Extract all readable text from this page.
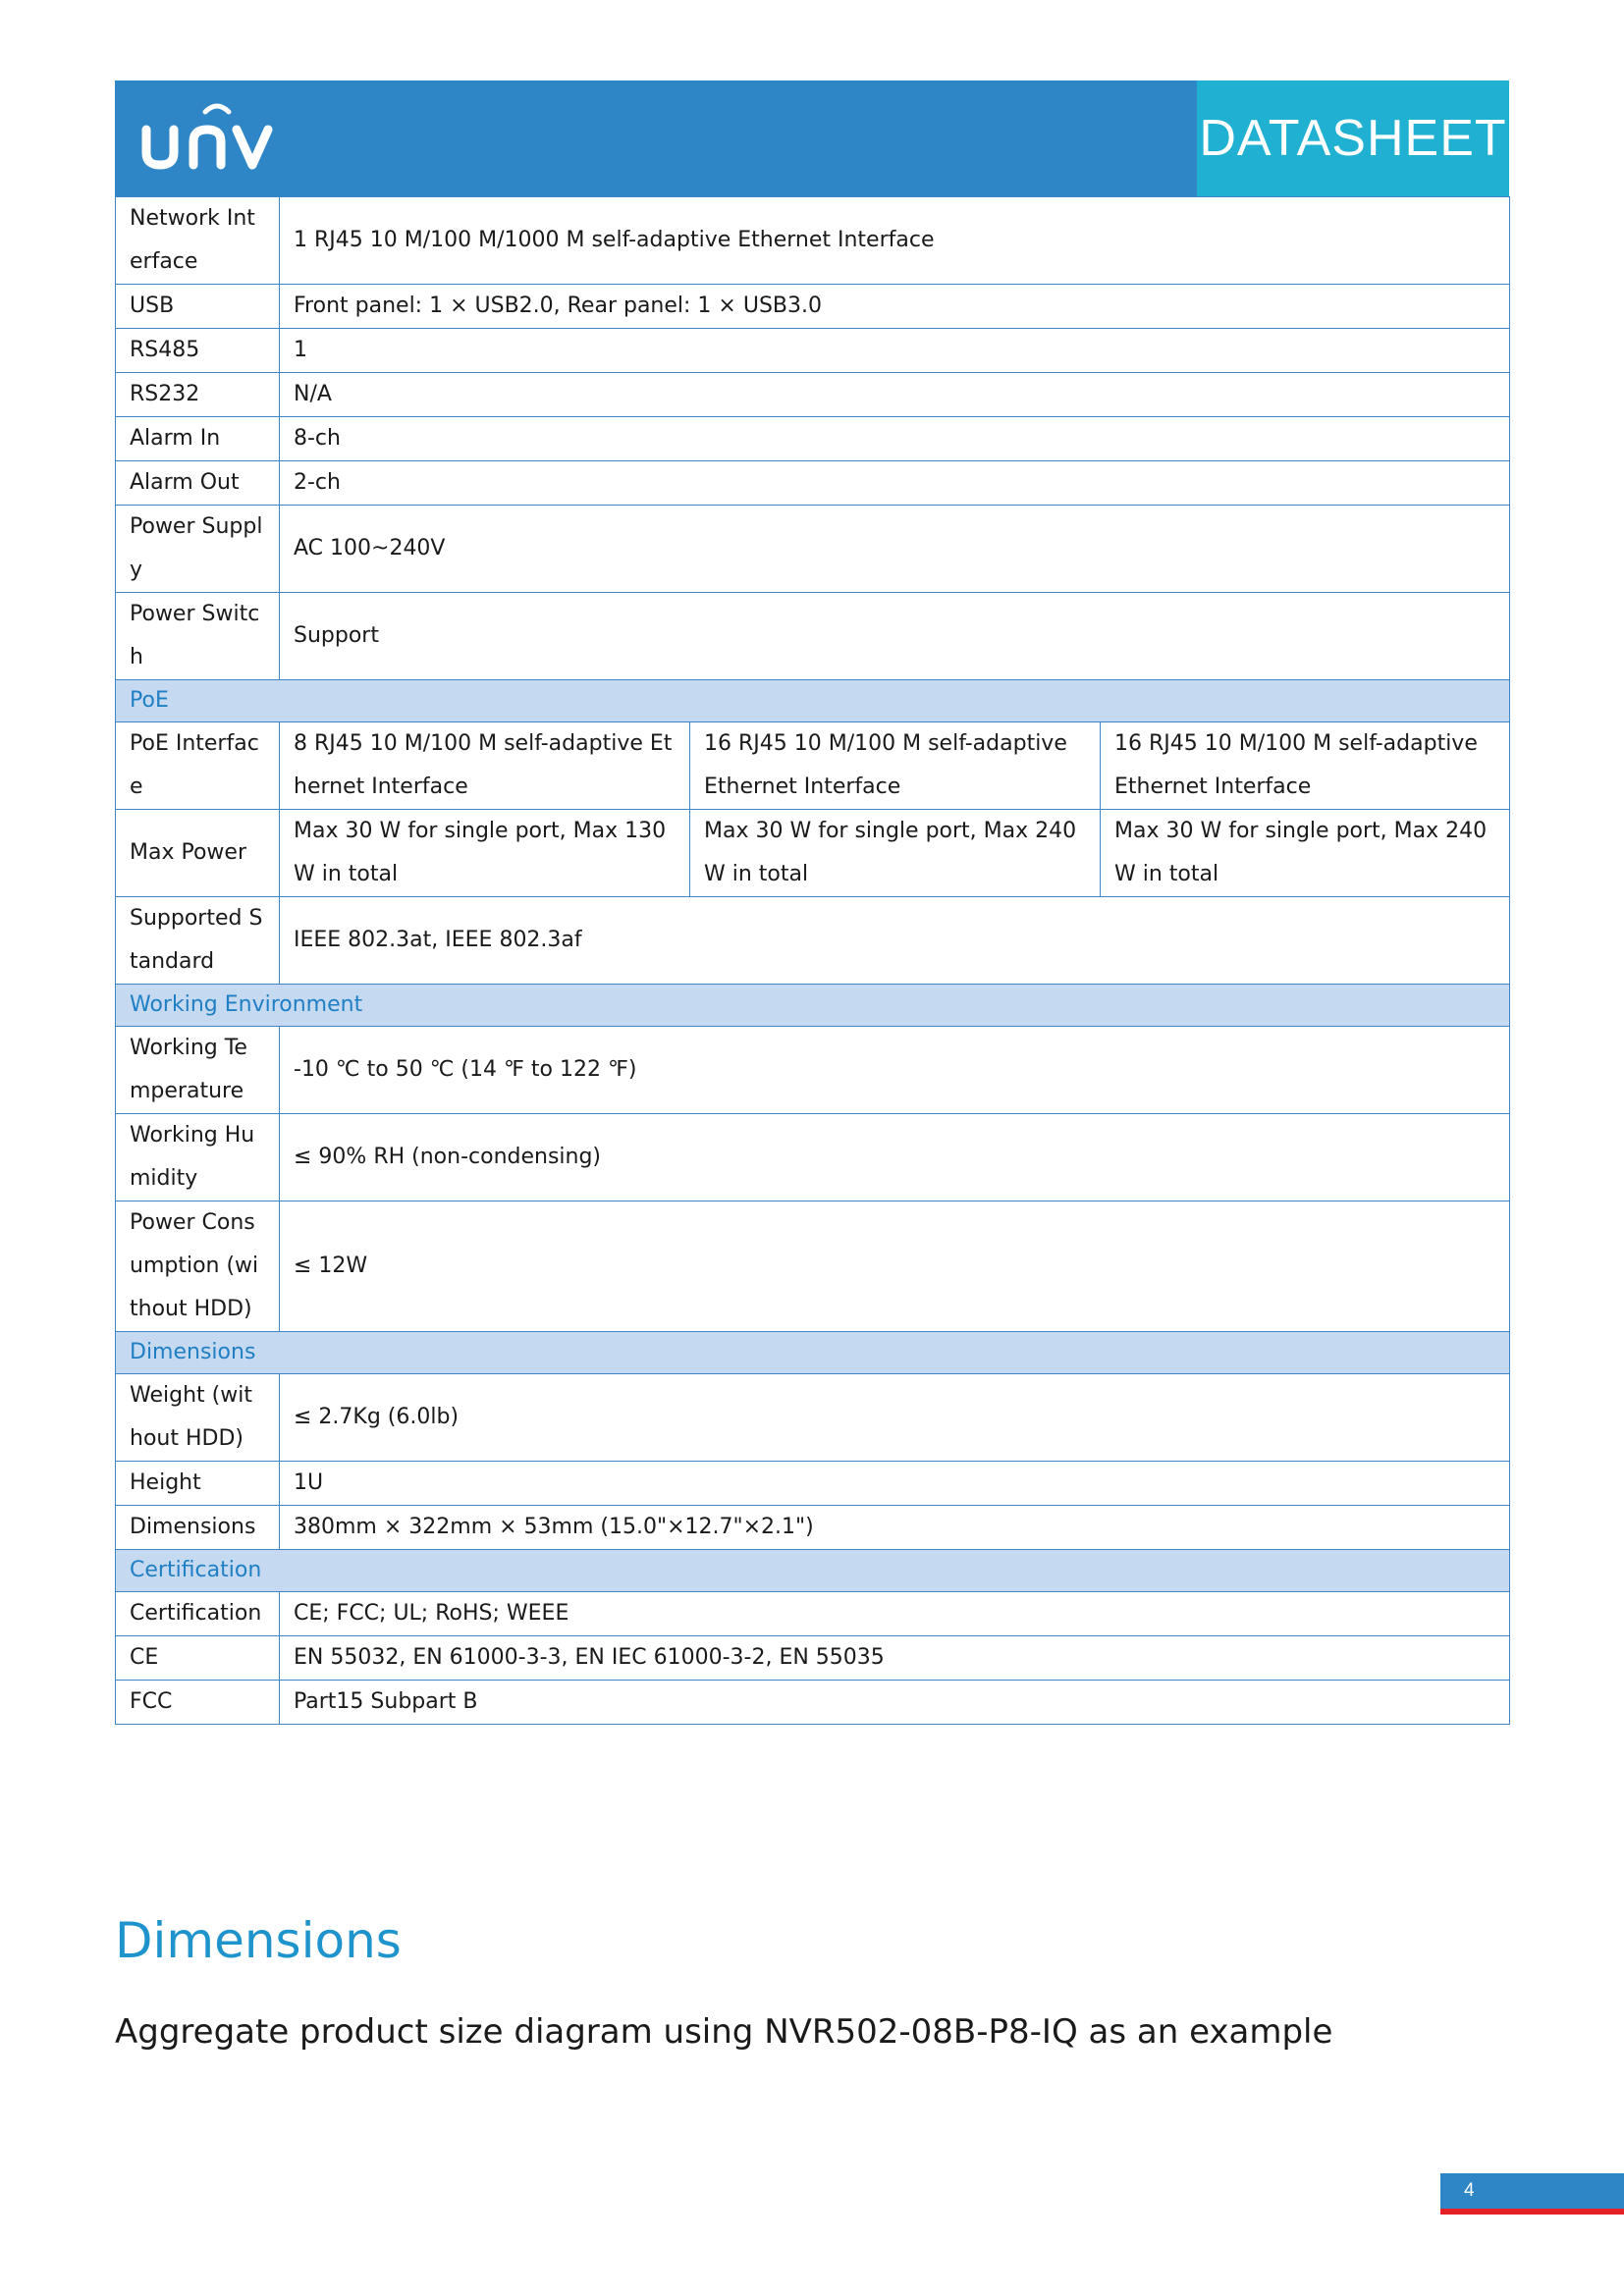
DATASHEET
Network Interface	1 RJ45 10 M/100 M/1000 M self-adaptive Ethernet Interface		
USB	Front panel: 1 × USB2.0, Rear panel: 1 × USB3.0		
RS485	1		
RS232	N/A		
Alarm In	8-ch		
Alarm Out	2-ch		
Power Supply	AC 100~240V		
Power Switch	Support		
PoE			
PoE Interface	8 RJ45 10 M/100 M self-adaptive Ethernet Interface	16 RJ45 10 M/100 M self-adaptive Ethernet Interface	16 RJ45 10 M/100 M self-adaptive Ethernet Interface
Max Power	Max 30 W for single port, Max 130 W in total	Max 30 W for single port, Max 240 W in total	Max 30 W for single port, Max 240 W in total
Supported Standard	IEEE 802.3at, IEEE 802.3af		
Working Environment			
Working Temperature	-10 ℃ to 50 ℃ (14 ℉ to 122 ℉)		
Working Humidity	≤ 90% RH (non-condensing)		
Power Consumption (without HDD)	≤ 12W		
Dimensions			
Weight (without HDD)	≤ 2.7Kg (6.0lb)		
Height	1U		
Dimensions	380mm × 322mm × 53mm (15.0"×12.7"×2.1")		
Certification			
Certification	CE; FCC; UL; RoHS; WEEE		
CE	EN 55032, EN 61000-3-3, EN IEC 61000-3-2, EN 55035		
FCC	Part15 Subpart B		
Dimensions
Aggregate product size diagram using NVR502-08B-P8-IQ as an example
4
